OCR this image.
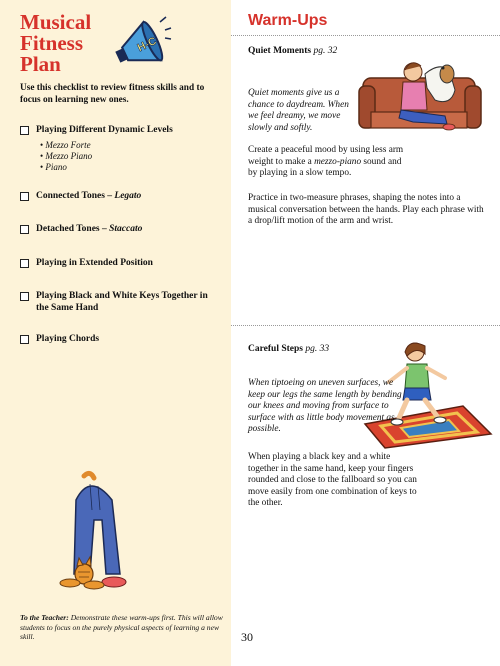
Musical
Fitness
Plan
H-C
Use this checklist to review fitness skills and to focus on learning new ones.
Playing Different Dynamic Levels
• Mezzo Forte
• Mezzo Piano
• Piano
Connected Tones – Legato
Detached Tones – Staccato
Playing in Extended Position
Playing Black and White Keys Together in the Same Hand
Playing Chords
To the Teacher: Demonstrate these warm-ups first. This will allow students to focus on the purely physical aspects of learning a new skill.
Warm-Ups
Quiet Moments pg. 32
Quiet moments give us a chance to daydream. When we feel dreamy, we move slowly and softly.
Create a peaceful mood by using less arm weight to make a mezzo-piano sound and by playing in a slow tempo.
Practice in two-measure phrases, shaping the notes into a musical conversation between the hands. Play each phrase with a drop/lift motion of the arm and wrist.
Careful Steps pg. 33
When tiptoeing on uneven surfaces, we keep our legs the same length by bending our knees and moving from surface to surface with as little body movement as possible.
When playing a black key and a white together in the same hand, keep your fingers rounded and close to the fallboard so you can move easily from one combination of keys to the other.
30
